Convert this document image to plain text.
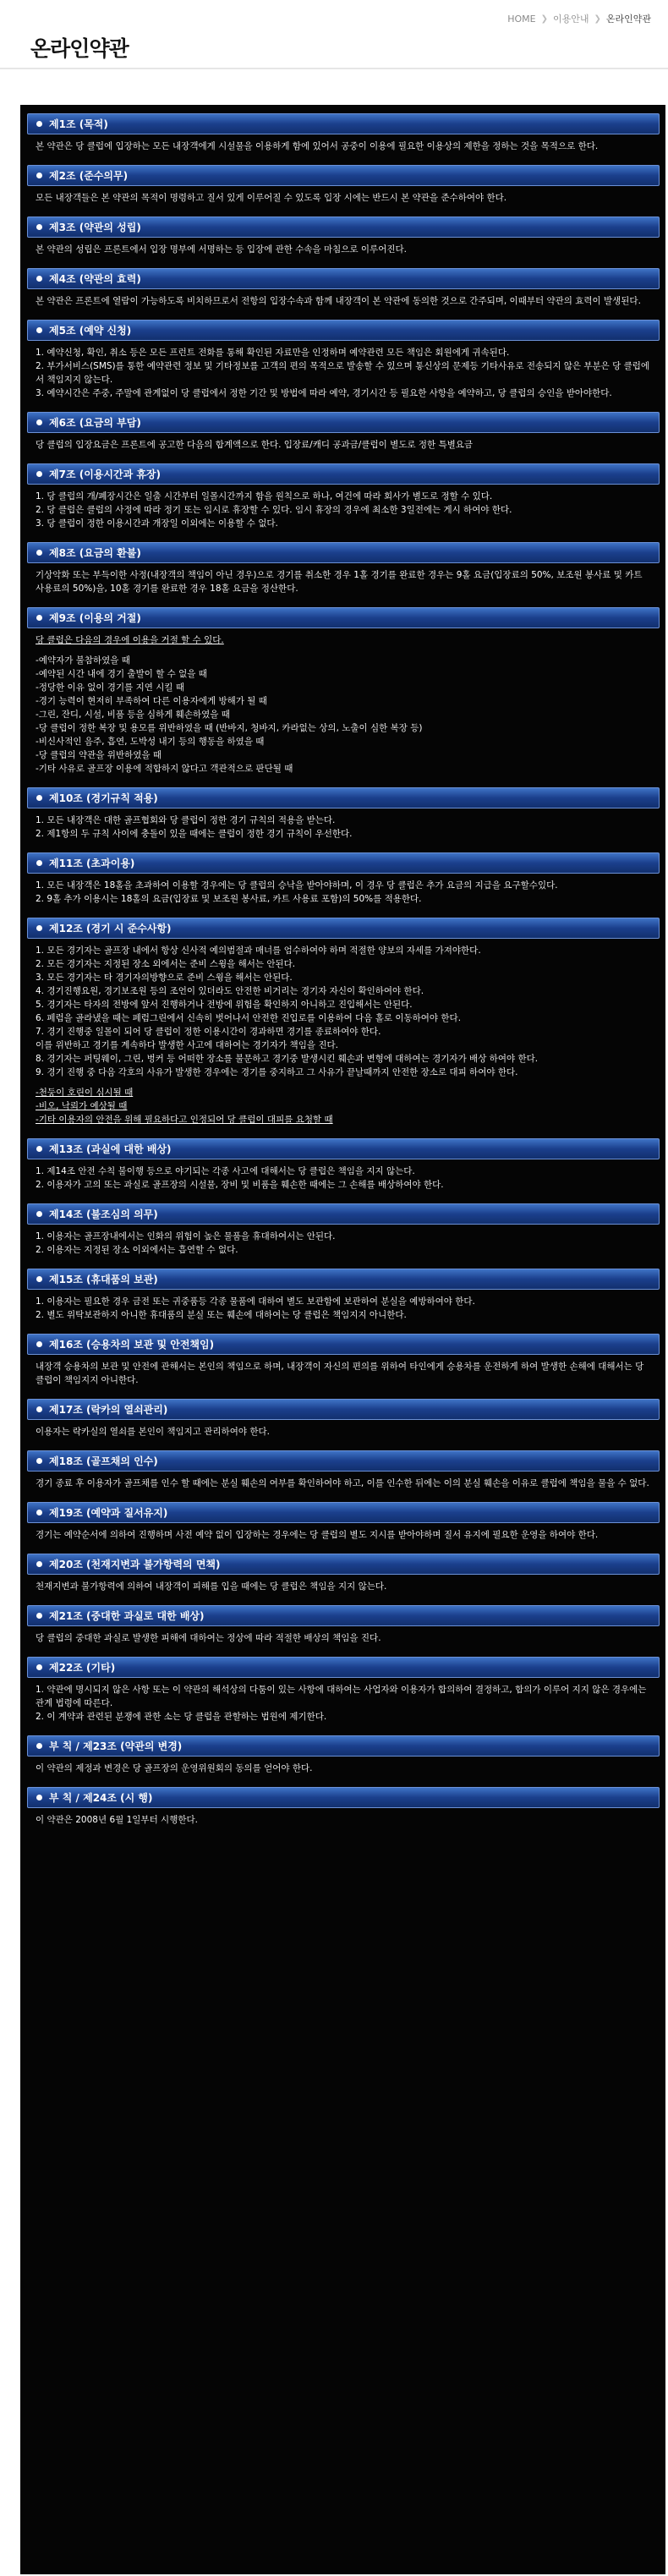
HOME ❯ 이용안내 ❯ 온라인약관
온라인약관
제1조 (목적)

본 약관은 당 클럽에 입장하는 모든 내장객에게 시설물을 이용하게 함에 있어서 공중이 이용에 필요한 이용상의 제한을 정하는 것을 목적으로 한다.

제2조 (준수의무)

모든 내장객들은 본 약관의 목적이 명령하고 질서 있게 이루어질 수 있도록 입장 시에는 반드시 본 약관을 준수하여야 한다.

제3조 (약관의 성립)

본 약관의 성립은 프론트에서 입장 명부에 서명하는 등 입장에 관한 수속을 마침으로 이루어진다.

제4조 (약관의 효력)

본 약관은 프론트에 열람이 가능하도록 비치하므로서 전항의 입장수속과 함께 내장객이 본 약관에 동의한 것으로 간주되며, 이때부터 약관의 효력이 발생된다.

제5조 (예약 신청)

1. 예약신청, 확인, 취소 등은 모든 프런트 전화를 통해 확인된 자료만을 인정하며 예약관련 모든 책임은 회원에게 귀속된다.

2. 부가서비스(SMS)를 통한 예약관련 정보 및 기타정보를 고객의 편의 목적으로 발송할 수 있으며 통신상의 문제등 기타사유로 전송되지 않은 부분은 당 클럽에서 책임지지 않는다.

3. 예약시간은 주중, 주말에 관계없이 당 클럽에서 정한 기간 및 방법에 따라 예약, 경기시간 등 필요한 사항을 예약하고, 당 클럽의 승인을 받아야한다.

제6조 (요금의 부담)

당 클럽의 입장요금은 프론트에 공고한 다음의 합계액으로 한다. 입장료/캐디 공과금/클럽이 별도로 정한 특별요금

제7조 (이용시간과 휴장)

1. 당 클럽의 개/폐장시간은 일출 시간부터 일몰시간까지 함을 원칙으로 하나, 여건에 따라 회사가 별도로 정할 수 있다.

2. 당 클럽은 클럽의 사정에 따라 정기 또는 임시로 휴장할 수 있다. 임시 휴장의 경우에 최소한 3일전에는 게시 하여야 한다.

3. 당 클럽이 정한 이용시간과 개장일 이외에는 이용할 수 없다.

제8조 (요금의 환불)

기상악화 또는 부득이한 사정(내장객의 책임이 아닌 경우)으로 경기를 취소한 경우 1홀 경기를 완료한 경우는 9홀 요금(입장료의 50%, 보조원 봉사료 및 카트 사용료의 50%)을, 10홀 경기를 완료한 경우 18홀 요금을 정산한다.

제9조 (이용의 거절)

당 클럽은 다음의 경우에 이용을 거절 할 수 있다.

-예약자가 불참하였을 때

-예약된 시간 내에 경기 출발이 할 수 없을 때

-정당한 이유 없이 경기를 지연 시킬 때

-경기 능력이 현저히 부족하여 다른 이용자에게 방해가 될 때

-그린, 잔디, 시설, 비품 등을 심하게 훼손하였을 때

-당 클럽이 정한 복장 및 용모를 위반하였을 때 (반바지, 청바지, 카라없는 상의, 노출이 심한 복장 등)

-비신사적인 음주, 흡연, 도박성 내기 등의 행동을 하였을 때

-당 클럽의 약관을 위반하였을 때

-기타 사유로 골프장 이용에 적합하지 않다고 객관적으로 판단될 때

제10조 (경기규칙 적용)

1. 모든 내장객은 대한 골프협회와 당 클럽이 정한 경기 규칙의 적용을 받는다.

2. 제1항의 두 규칙 사이에 충돌이 있을 때에는 클럽이 정한 경기 규칙이 우선한다.

제11조 (초과이용)

1. 모든 내장객은 18홀을 초과하여 이용할 경우에는 당 클럽의 승낙을 받아야하며, 이 경우 당 클럽은 추가 요금의 지급을 요구할수있다.

2. 9홀 추가 이용시는 18홀의 요금(입장료 및 보조원 봉사료, 카트 사용료 포함)의 50%를 적용한다.

제12조 (경기 시 준수사항)

1. 모든 경기자는 골프장 내에서 항상 신사적 예의범절과 매너를 엄수하여야 하며 적절한 양보의 자세를 가져야한다.

2. 모든 경기자는 지정된 장소 외에서는 준비 스윙을 해서는 안된다.

3. 모든 경기자는 타 경기자의방향으로 준비 스윙을 해서는 안된다.

4. 경기진행요원, 경기보조원 등의 조언이 있더라도 안전한 비거리는 경기자 자신이 확인하여야 한다.

5. 경기자는 타자의 전방에 앞서 진행하거나 전방에 위험을 확인하지 아니하고 진입해서는 안된다.

6. 페럼을 골라냈을 때는 페럼그린에서 신속히 벗어나서 안전한 진입로를 이용하여 다음 홀로 이동하여야 한다.

7. 경기 진행중 일몰이 되어 당 클럽이 정한 이용시간이 경과하면 경기를 종료하여야 한다.

이를 위반하고 경기를 계속하다 발생한 사고에 대하여는 경기자가 책임을 진다.

8. 경기자는 퍼팅웨이, 그린, 벙커 등 어떠한 장소를 불문하고 경기중 발생시킨 훼손과 변형에 대하여는 경기자가 배상 하여야 한다.

9. 경기 진행 중 다음 각호의 사유가 발생한 경우에는 경기를 중지하고 그 사유가 끝날때까지 안전한 장소로 대피 하여야 한다.

-천둥이 호린이 심시될 때

-비오, 낙뢰가 예상될 때

-기타 이용자의 안전을 위해 필요하다고 인정되어 당 클럽이 대피를 요청할 때

제13조 (과실에 대한 배상)

1. 제14조 안전 수칙 불이행 등으로 야기되는 각종 사고에 대해서는 당 클럽은 책임을 지지 않는다.

2. 이용자가 고의 또는 과실로 골프장의 시설물, 장비 및 비품을 훼손한 때에는 그 손해를 배상하여야 한다.

제14조 (불조심의 의무)

1. 이용자는 골프장내에서는 인화의 위험이 높은 물품을 휴대하여서는 안된다.

2. 이용자는 지정된 장소 이외에서는 흡연할 수 없다.

제15조 (휴대품의 보관)

1. 이용자는 필요한 경우 금전 또는 귀중품등 각종 물품에 대하여 별도 보관함에 보관하여 분실을 예방하여야 한다.

2. 별도 위탁보관하지 아니한 휴대품의 분실 또는 훼손에 대하여는 당 클럽은 책임지지 아니한다.

제16조 (승용차의 보관 및 안전책임)

내장객 승용차의 보관 및 안전에 관해서는 본인의 책임으로 하며, 내장객이 자신의 편의를 위하여 타인에게 승용차를 운전하게 하여 발생한 손해에 대해서는 당 클럽이 책임지지 아니한다.

제17조 (락카의 열쇠관리)

이용자는 락카실의 열쇠를 본인이 책임지고 관리하여야 한다.

제18조 (골프채의 인수)

경기 종료 후 이용자가 골프채를 인수 할 때에는 분실 훼손의 여부를 확인하여야 하고, 이를 인수한 뒤에는 이의 분실 훼손을 이유로 클럽에 책임을 물을 수 없다.

제19조 (예약과 질서유지)

경기는 예약순서에 의하여 진행하며 사전 예약 없이 입장하는 경우에는 당 클럽의 별도 지시를 받아야하며 질서 유지에 필요한 운영을 하여야 한다.

제20조 (천재지변과 불가항력의 면책)

천재지변과 불가항력에 의하여 내장객이 피해를 입을 때에는 당 클럽은 책임을 지지 않는다.

제21조 (중대한 과실로 대한 배상)

당 클럽의 중대한 과실로 발생한 피해에 대하여는 정상에 따라 적절한 배상의 책임을 진다.

제22조 (기타)

1. 약관에 명시되지 않은 사항 또는 이 약관의 해석상의 다툼이 있는 사항에 대하여는 사업자와 이용자가 합의하여 결정하고, 합의가 이루어 지지 않은 경우에는 관계 법령에 따른다.

2. 이 계약과 관련된 분쟁에 관한 소는 당 클럽을 관할하는 법원에 제기한다.

부 칙 / 제23조 (약관의 변경)

이 약관의 제정과 변경은 당 골프장의 운영위원회의 동의를 얻어야 한다.

부 칙 / 제24조 (시 행)

이 약관은 2008년 6월 1일부터 시행한다.
